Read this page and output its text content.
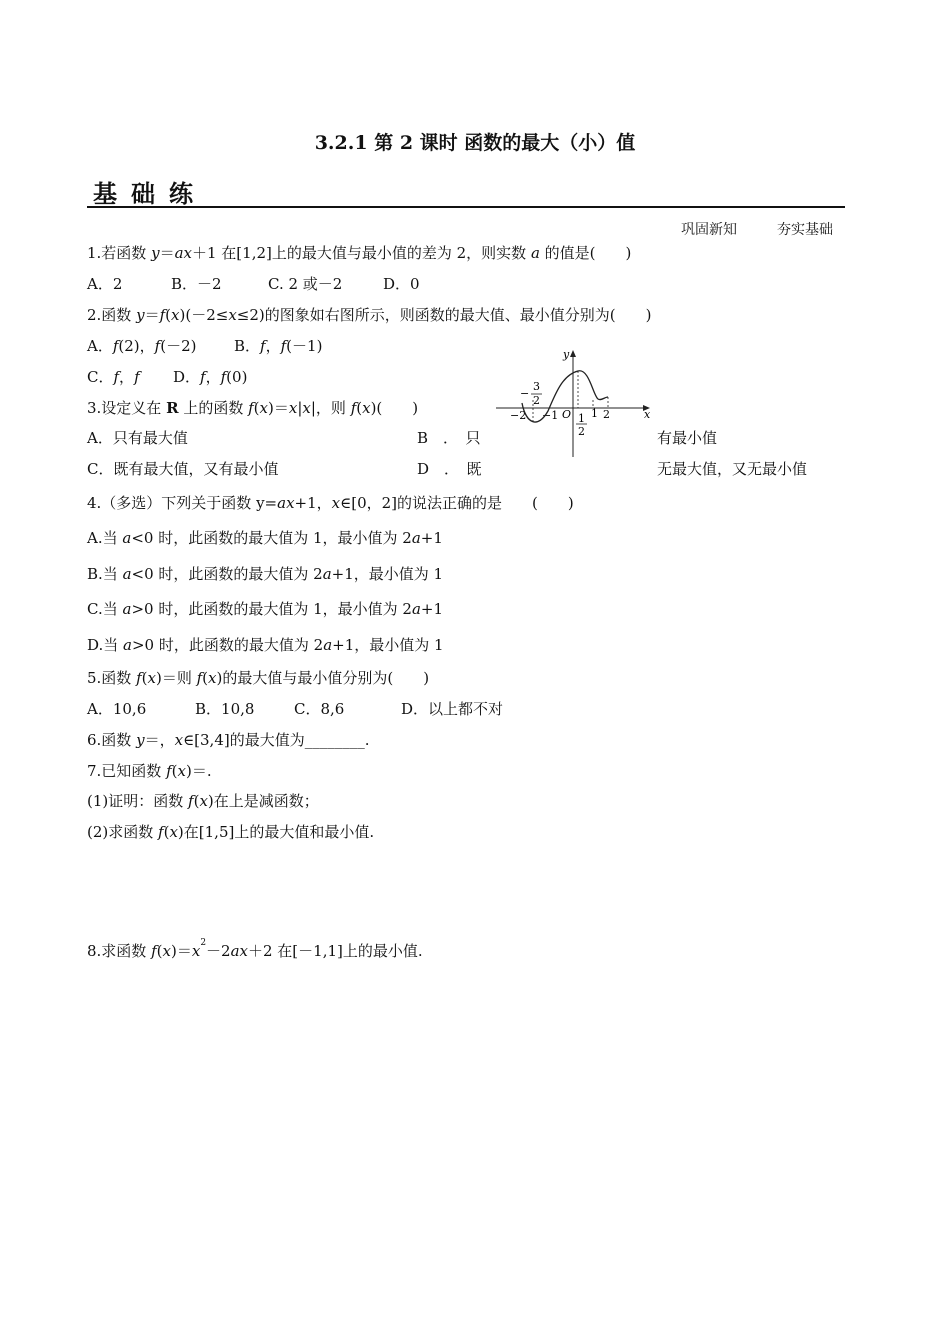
3.2.1 第 2 课时 函数的最大（小）值
基础练
巩固新知	夯实基础
1.若函数 y＝ax＋1 在[1,2]上的最大值与最小值的差为 2，则实数 a 的值是(　　)
A．2	B．－2	C. 2 或－2	D．0
2.函数 y＝f(x)(－2≤x≤2)的图象如右图所示，则函数的最大值、最小值分别为(　　)
A．f(2)，f(－2)	B．f，f(－1)
C．f，f D．f，f(0)
y
x
O
−2 −1	1 2
−
3
2
1
2
3.设定义在 R 上的函数 f(x)＝x|x|，则 f(x)(　　)
A．只有最大值	B　．　只	有最小值
C．既有最大值，又有最小值	D　．　既	无最大值，又无最小值
4.（多选）下列关于函数 y=ax+1，x∈[0，2]的说法正确的是　　(　　)
A.当 a<0 时，此函数的最大值为 1，最小值为 2a+1
B.当 a<0 时，此函数的最大值为 2a+1，最小值为 1
C.当 a>0 时，此函数的最大值为 1，最小值为 2a+1
D.当 a>0 时，此函数的最大值为 2a+1，最小值为 1
5.函数 f(x)＝则 f(x)的最大值与最小值分别为(　　)
A．10,6	B．10,8	C．8,6	D．以上都不对
6.函数 y＝，x∈[3,4]的最大值为________.
7.已知函数 f(x)＝.
(1)证明：函数 f(x)在上是减函数；
(2)求函数 f(x)在[1,5]上的最大值和最小值.
8.求函数 $f(x)=x^2-2ax+2$ 在[－1,1]上的最小值.
